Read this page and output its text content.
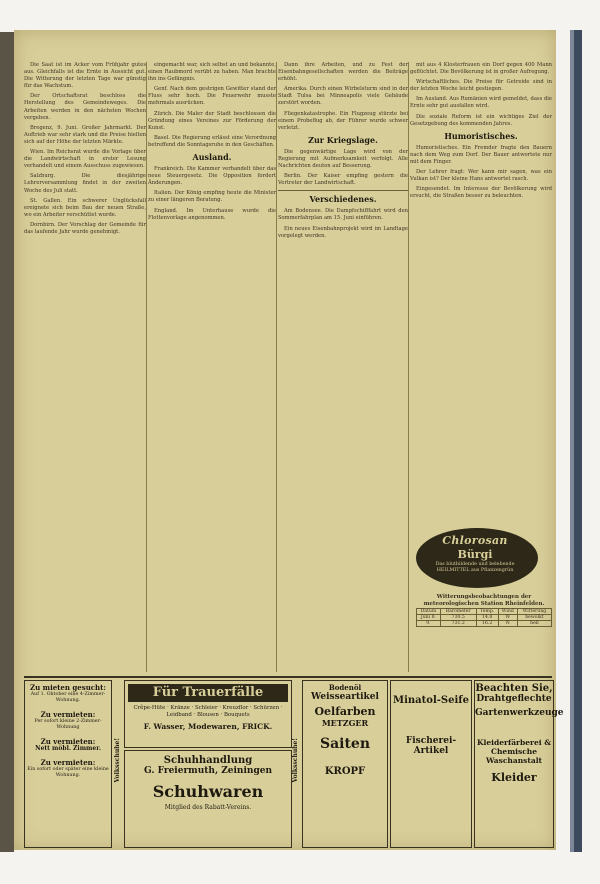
Die Saat ist im Acker vom Frühjahr gutes aus. Gleichfalls ist die Ernte in Aussicht gut. Die Witterung der letzten Tage war günstig für das Wachstum.

Der Ortschaftsrat beschloss die Herstellung des Gemeindeweges. Die Arbeiten werden in den nächsten Wochen vergeben.

Bregenz, 9. Juni. Großer Jahrmarkt. Der Auftrieb war sehr stark und die Preise hielten sich auf der Höhe der letzten Märkte.

Wien. Im Reichsrat wurde die Vorlage über die Landwirtschaft in erster Lesung verhandelt und einem Ausschuss zugewiesen.

Salzburg. Die diesjährige Lehrerversammlung findet in der zweiten Woche des Juli statt.

St. Gallen. Ein schwerer Unglücksfall ereignete sich beim Bau der neuen Straße, wo ein Arbeiter verschüttet wurde.

Dornbirn. Der Vorschlag der Gemeinde für das laufende Jahr wurde genehmigt.

eingemacht war, sich selbst an und bekannte, einen Raubmord verübt zu haben. Man brachte ihn ins Gefängnis.

Genf. Nach dem gestrigen Gewitter stand der Fluss sehr hoch. Die Feuerwehr musste mehrmals ausrücken.

Zürich. Die Maler der Stadt beschlossen die Gründung eines Vereines zur Förderung der Kunst.

Basel. Die Regierung erlässt eine Verordnung betreffend die Sonntagsruhe in den Geschäften.

Ausland.

Frankreich. Die Kammer verhandelt über das neue Steuergesetz. Die Opposition fordert Änderungen.

Italien. Der König empfing heute die Minister zu einer längeren Beratung.

England. Im Unterhause wurde die Flottenvorlage angenommen.

Dann ihre Arbeiten, und zu Fest der Eisenbahngesellschaften werden die Beiträge erhöht.

Amerika. Durch einen Wirbelsturm sind in der Stadt Tulsa bei Minneapolis viele Gebäude zerstört worden.

Fliegenkatastrophe. Ein Flugzeug stürzte bei einem Probeflug ab, der Führer wurde schwer verletzt.

Zur Kriegslage.

Die gegenwärtige Lage wird von der Regierung mit Aufmerksamkeit verfolgt. Alle Nachrichten deuten auf Besserung.

Berlin. Der Kaiser empfing gestern die Vertreter der Landwirtschaft.

Verschiedenes.

Am Bodensee. Die Dampfschifffahrt wird den Sommerfahrplan am 15. Juni einführen.

Ein neues Eisenbahnprojekt wird im Landtage vorgelegt werden.

mit aus 4 Klosterfrauen ein Dorf gegen 400 Mann geflüchtet. Die Bevölkerung ist in großer Aufregung.

Wirtschaftliches. Die Preise für Getreide sind in der letzten Woche leicht gestiegen.

Im Ausland. Aus Rumänien wird gemeldet, dass die Ernte sehr gut ausfallen wird.

Die soziale Reform ist ein wichtiges Ziel der Gesetzgebung des kommenden Jahres.

Humoristisches.

Humoristisches. Ein Fremder fragte den Bauern nach dem Weg zum Dorf. Der Bauer antwortete nur mit dem Finger.

Der Lehrer fragt: Wer kann mir sagen, was ein Vulkan ist? Der kleine Hans antwortet rasch.

Eingesendet. Im Interesse der Bevölkerung wird ersucht, die Straßen besser zu beleuchten.

Chlorosan
Bürgi
Das blutbildende und belebende HEILMITTEL aus Pflanzengrün
Witterungsbeobachtungen der meteorologischen Station Rheinfelden.
Datum	Barometer	Temp.	Wind	Witterung
Juni 8.	730.5	14.8	W	bewölkt
9.	731.2	16.2	N	hell
Zu mieten gesucht:
Auf 1. Oktober eine 4-Zimmer-Wohnung.
Zu vermieten:
Per sofort kleine 2-Zimmer-Wohnung
Zu vermieten:
Nett möbl. Zimmer.
Zu vermieten:
Ein sofort oder später eine kleine Wohnung.	Volksschuhe!
Für Trauerfälle
Crêpe-Hüte · Kränze · Schleier · Kreuzflor · Schürzen · Leidband · Blousen · Bouquets
F. Wasser, Modewaren, FRICK.
Schuhhandlung
G. Freiermuth, Zeiningen
Schuhwaren
Mitglied des Rabatt-Vereins.
Volksschuhe!
Bodenöl
Weisseartikel
Oelfarben
METZGER
Saiten
KROPF
Minatol-Seife
Fischerei-Artikel
Beachten Sie,
Drahtgeflechte
Gartenwerkzeuge
Kleiderfärberei & Chemische Waschanstalt
Kleider
